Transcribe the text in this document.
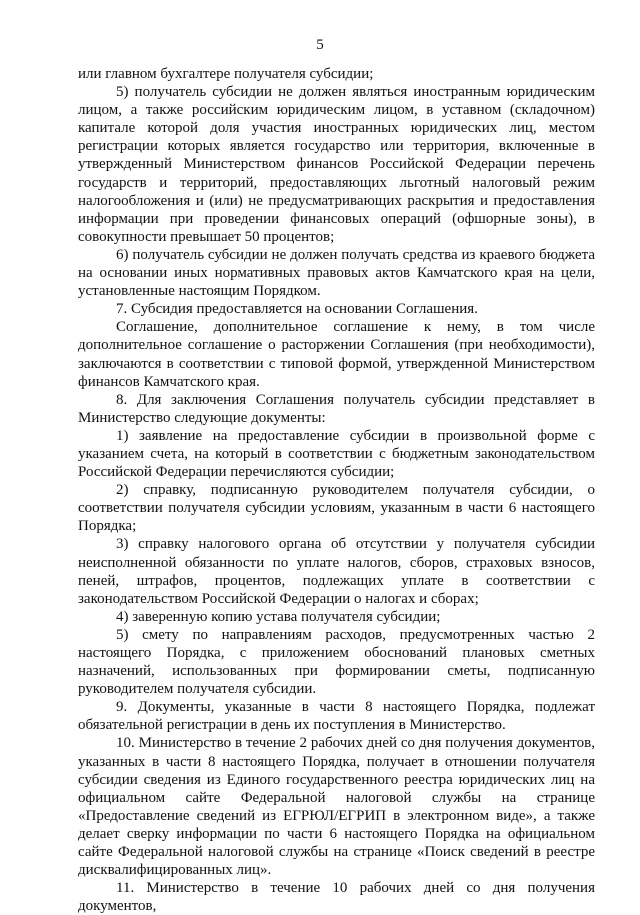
5

или главном бухгалтере получателя субсидии;

5) получатель субсидии не должен являться иностранным юридическим лицом, а также российским юридическим лицом, в уставном (складочном) капитале которой доля участия иностранных юридических лиц, местом регистрации которых является государство или территория, включенные в утвержденный Министерством финансов Российской Федерации перечень государств и территорий, предоставляющих льготный налоговый режим налогообложения и (или) не предусматривающих раскрытия и предоставления информации при проведении финансовых операций (офшорные зоны), в совокупности превышает 50 процентов;

6) получатель субсидии не должен получать средства из краевого бюджета на основании иных нормативных правовых актов Камчатского края на цели, установленные настоящим Порядком.

7. Субсидия предоставляется на основании Соглашения.

Соглашение, дополнительное соглашение к нему, в том числе дополнительное соглашение о расторжении Соглашения (при необходимости), заключаются в соответствии с типовой формой, утвержденной Министерством финансов Камчатского края.

8. Для заключения Соглашения получатель субсидии представляет в Министерство следующие документы:

1) заявление на предоставление субсидии в произвольной форме с указанием счета, на который в соответствии с бюджетным законодательством Российской Федерации перечисляются субсидии;

2) справку, подписанную руководителем получателя субсидии, о соответствии получателя субсидии условиям, указанным в части 6 настоящего Порядка;

3) справку налогового органа об отсутствии у получателя субсидии неисполненной обязанности по уплате налогов, сборов, страховых взносов, пеней, штрафов, процентов, подлежащих уплате в соответствии с законодательством Российской Федерации о налогах и сборах;

4) заверенную копию устава получателя субсидии;

5) смету по направлениям расходов, предусмотренных частью 2 настоящего Порядка, с приложением обоснований плановых сметных назначений, использованных при формировании сметы, подписанную руководителем получателя субсидии.

9. Документы, указанные в части 8 настоящего Порядка, подлежат обязательной регистрации в день их поступления в Министерство.

10. Министерство в течение 2 рабочих дней со дня получения документов, указанных в части 8 настоящего Порядка, получает в отношении получателя субсидии сведения из Единого государственного реестра юридических лиц на официальном сайте Федеральной налоговой службы на странице «Предоставление сведений из ЕГРЮЛ/ЕГРИП в электронном виде», а также делает сверку информации по части 6 настоящего Порядка на официальном сайте Федеральной налоговой службы на странице «Поиск сведений в реестре дисквалифицированных лиц».

11. Министерство в течение 10 рабочих дней со дня получения документов,
